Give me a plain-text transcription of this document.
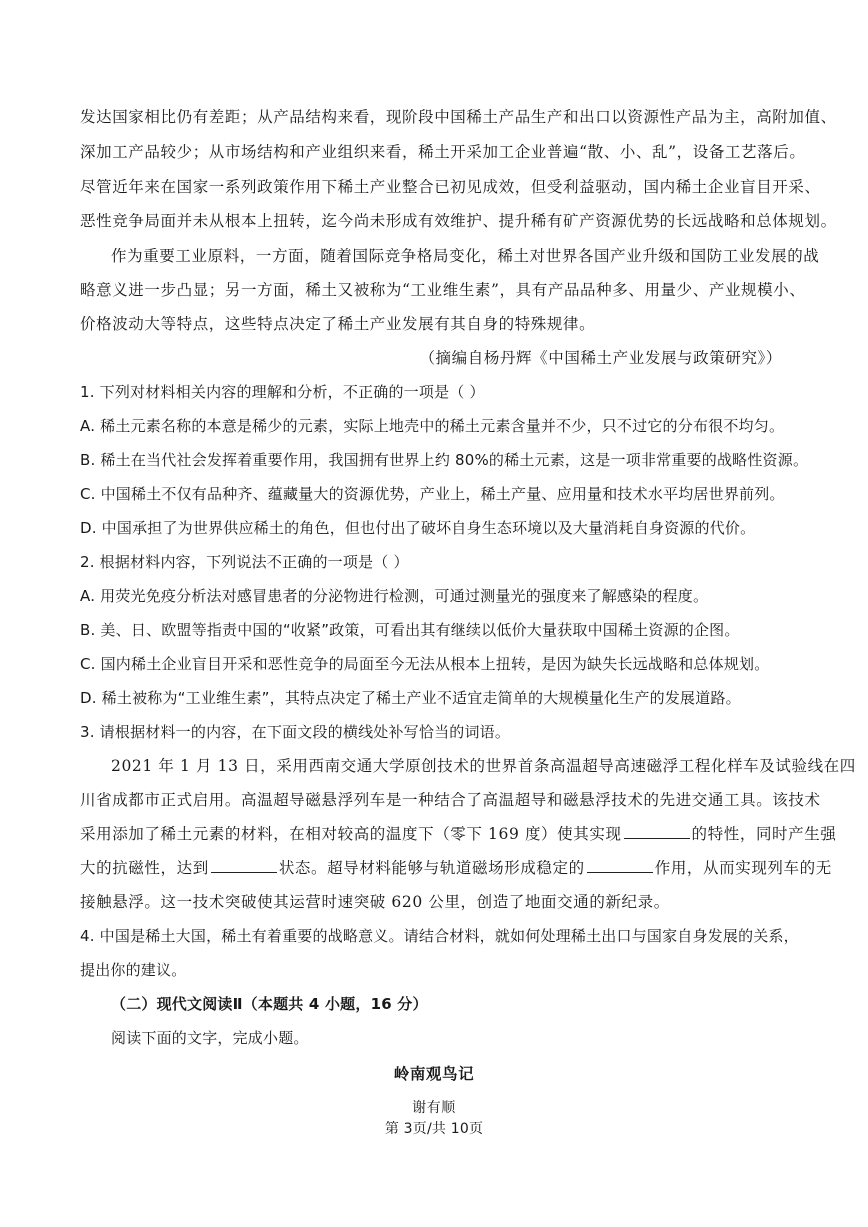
发达国家相比仍有差距；从产品结构来看，现阶段中国稀土产品生产和出口以资源性产品为主，高附加值、
深加工产品较少；从市场结构和产业组织来看，稀土开采加工企业普遍“散、小、乱”，设备工艺落后。
尽管近年来在国家一系列政策作用下稀土产业整合已初见成效，但受利益驱动，国内稀土企业盲目开采、
恶性竞争局面并未从根本上扭转，迄今尚未形成有效维护、提升稀有矿产资源优势的长远战略和总体规划。
作为重要工业原料，一方面，随着国际竞争格局变化，稀土对世界各国产业升级和国防工业发展的战
略意义进一步凸显；另一方面，稀土又被称为“工业维生素”，具有产品品种多、用量少、产业规模小、
价格波动大等特点，这些特点决定了稀土产业发展有其自身的特殊规律。
（摘编自杨丹辉《中国稀土产业发展与政策研究》）
1. 下列对材料相关内容的理解和分析，不正确的一项是（ ）
A. 稀土元素名称的本意是稀少的元素，实际上地壳中的稀土元素含量并不少，只不过它的分布很不均匀。
B. 稀土在当代社会发挥着重要作用，我国拥有世界上约 80%的稀土元素，这是一项非常重要的战略性资源。
C. 中国稀土不仅有品种齐、蕴藏量大的资源优势，产业上，稀土产量、应用量和技术水平均居世界前列。
D. 中国承担了为世界供应稀土的角色，但也付出了破坏自身生态环境以及大量消耗自身资源的代价。
2. 根据材料内容，下列说法不正确的一项是（ ）
A. 用荧光免疫分析法对感冒患者的分泌物进行检测，可通过测量光的强度来了解感染的程度。
B. 美、日、欧盟等指责中国的“收紧”政策，可看出其有继续以低价大量获取中国稀土资源的企图。
C. 国内稀土企业盲目开采和恶性竞争的局面至今无法从根本上扭转，是因为缺失长远战略和总体规划。
D. 稀土被称为“工业维生素”，其特点决定了稀土产业不适宜走简单的大规模量化生产的发展道路。
3. 请根据材料一的内容，在下面文段的横线处补写恰当的词语。
2021 年 1 月 13 日，采用西南交通大学原创技术的世界首条高温超导高速磁浮工程化样车及试验线在四
川省成都市正式启用。高温超导磁悬浮列车是一种结合了高温超导和磁悬浮技术的先进交通工具。该技术
采用添加了稀土元素的材料，在相对较高的温度下（零下 169 度）使其实现	的特性，同时产生强
大的抗磁性，达到	状态。超导材料能够与轨道磁场形成稳定的	作用，从而实现列车的无
接触悬浮。这一技术突破使其运营时速突破 620 公里，创造了地面交通的新纪录。
4. 中国是稀土大国，稀土有着重要的战略意义。请结合材料，就如何处理稀土出口与国家自身发展的关系，
提出你的建议。
（二）现代文阅读Ⅱ（本题共 4 小题，16 分）
阅读下面的文字，完成小题。
岭南观鸟记
谢有顺
第 3页/共 10页
